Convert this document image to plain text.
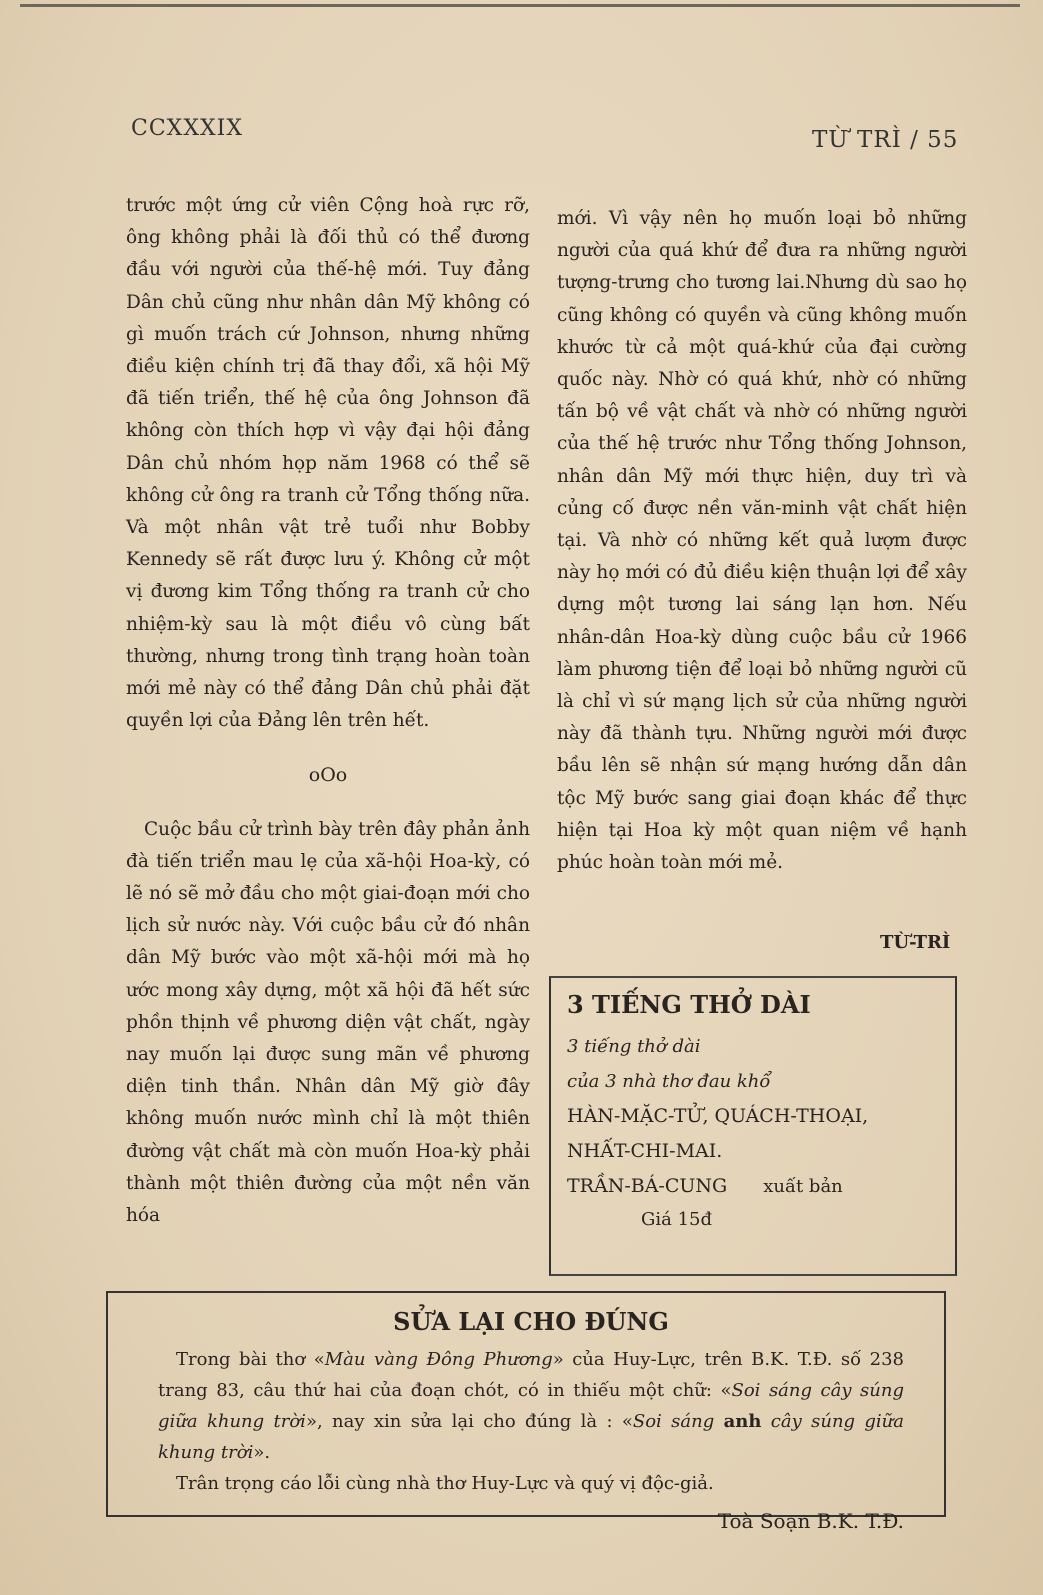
CCXXXIX	TỪ TRÌ / 55

trước một ứng cử viên Cộng hoà rực rỡ, ông không phải là đối thủ có thể đương đầu với người của thế-hệ mới. Tuy đảng Dân chủ cũng như nhân dân Mỹ không có gì muốn trách cứ Johnson, nhưng những điều kiện chính trị đã thay đổi, xã hội Mỹ đã tiến triển, thế hệ của ông Johnson đã không còn thích hợp vì vậy đại hội đảng Dân chủ nhóm họp năm 1968 có thể sẽ không cử ông ra tranh cử Tổng thống nữa. Và một nhân vật trẻ tuổi như Bobby Kennedy sẽ rất được lưu ý. Không cử một vị đương kim Tổng thống ra tranh cử cho nhiệm-kỳ sau là một điều vô cùng bất thường, nhưng trong tình trạng hoàn toàn mới mẻ này có thể đảng Dân chủ phải đặt quyền lợi của Đảng lên trên hết.

oOo

Cuộc bầu cử trình bày trên đây phản ảnh đà tiến triển mau lẹ của xã-hội Hoa-kỳ, có lẽ nó sẽ mở đầu cho một giai-đoạn mới cho lịch sử nước này. Với cuộc bầu cử đó nhân dân Mỹ bước vào một xã-hội mới mà họ ước mong xây dựng, một xã hội đã hết sức phồn thịnh về phương diện vật chất, ngày nay muốn lại được sung mãn về phương diện tinh thần. Nhân dân Mỹ giờ đây không muốn nước mình chỉ là một thiên đường vật chất mà còn muốn Hoa-kỳ phải thành một thiên đường của một nền văn hóa

mới. Vì vậy nên họ muốn loại bỏ những người của quá khứ để đưa ra những người tượng-trưng cho tương lai.Nhưng dù sao họ cũng không có quyền và cũng không muốn khước từ cả một quá-khứ của đại cường quốc này. Nhờ có quá khứ, nhờ có những tấn bộ về vật chất và nhờ có những người của thế hệ trước như Tổng thống Johnson, nhân dân Mỹ mới thực hiện, duy trì và củng cố được nền văn-minh vật chất hiện tại. Và nhờ có những kết quả lượm được này họ mới có đủ điều kiện thuận lợi để xây dựng một tương lai sáng lạn hơn. Nếu nhân-dân Hoa-kỳ dùng cuộc bầu cử 1966 làm phương tiện để loại bỏ những người cũ là chỉ vì sứ mạng lịch sử của những người này đã thành tựu. Những người mới được bầu lên sẽ nhận sứ mạng hướng dẫn dân tộc Mỹ bước sang giai đoạn khác để thực hiện tại Hoa kỳ một quan niệm về hạnh phúc hoàn toàn mới mẻ.

TỪ-TRÌ

3 TIẾNG THỞ DÀI

3 tiếng thở dài

của 3 nhà thơ đau khổ

HÀN-MẶC-TỬ, QUÁCH-THOẠI,

NHẤT-CHI-MAI.

TRẦN-BÁ-CUNG xuất bản

Giá 15đ

SỬA LẠI CHO ĐÚNG

Trong bài thơ «Màu vàng Đông Phương» của Huy-Lực, trên B.K. T.Đ. số 238 trang 83, câu thứ hai của đoạn chót, có in thiếu một chữ: «Soi sáng cây súng giữa khung trời», nay xin sửa lại cho đúng là : «Soi sáng anh cây súng giữa khung trời».

Trân trọng cáo lỗi cùng nhà thơ Huy-Lực và quý vị độc-giả.

Toà Soạn B.K. T.Đ.
